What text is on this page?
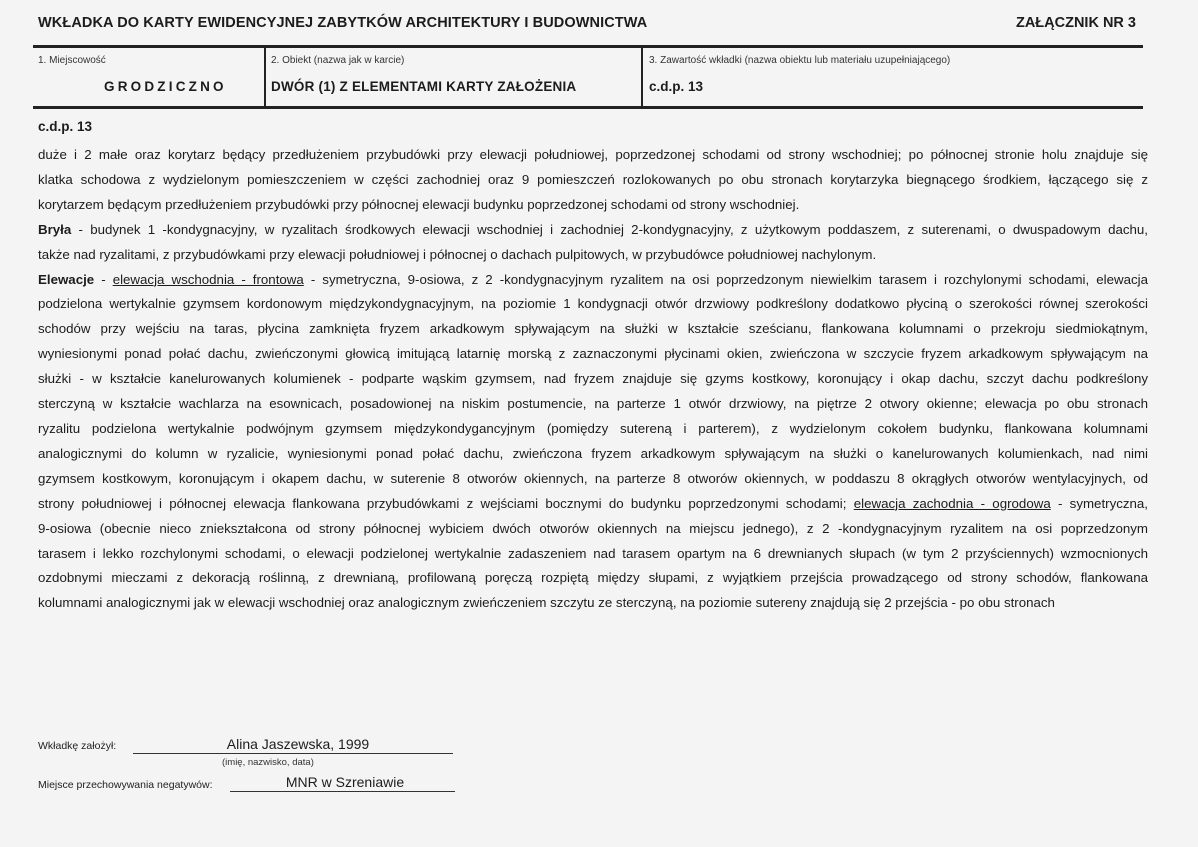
WKŁADKA DO KARTY EWIDENCYJNEJ ZABYTKÓW ARCHITEKTURY I BUDOWNICTWA	ZAŁĄCZNIK NR 3
1. Miejscowość
GRODZICZNO
2. Obiekt (nazwa jak w karcie)
DWÓR (1) Z ELEMENTAMI KARTY ZAŁOŻENIA
3. Zawartość wkładki (nazwa obiektu lub materiału uzupełniającego)
c.d.p. 13
c.d.p. 13
duże i 2 małe oraz korytarz będący przedłużeniem przybudówki przy elewacji południowej, poprzedzonej schodami od strony wschodniej; po północnej stronie holu znajduje się
klatka schodowa z wydzielonym pomieszczeniem w części zachodniej oraz 9 pomieszczeń rozlokowanych po obu stronach korytarzyka biegnącego środkiem, łączącego się z
korytarzem będącym przedłużeniem przybudówki przy północnej elewacji budynku poprzedzonej schodami od strony wschodniej.
Bryła - budynek 1 -kondygnacyjny, w ryzalitach środkowych elewacji wschodniej i zachodniej 2-kondygnacyjny, z użytkowym poddaszem, z suterenami, o dwuspadowym dachu,
także nad ryzalitami, z przybudówkami przy elewacji południowej i północnej o dachach pulpitowych, w przybudówce południowej nachylonym.
Elewacje - elewacja wschodnia - frontowa - symetryczna, 9-osiowa, z 2 -kondygnacyjnym ryzalitem na osi poprzedzonym niewielkim tarasem i rozchylonymi schodami, elewacja
podzielona wertykalnie gzymsem kordonowym międzykondygnacyjnym, na poziomie 1 kondygnacji otwór drzwiowy podkreślony dodatkowo płyciną o szerokości równej szerokości
schodów przy wejściu na taras, płycina zamknięta fryzem arkadkowym spływającym na służki w kształcie sześcianu, flankowana kolumnami o przekroju siedmiokątnym,
wyniesionymi ponad połać dachu, zwieńczonymi głowicą imitującą latarnię morską z zaznaczonymi płycinami okien, zwieńczona w szczycie fryzem arkadkowym spływającym na
służki - w kształcie kanelurowanych kolumienek - podparte wąskim gzymsem, nad fryzem znajduje się gzyms kostkowy, koronujący i okap dachu, szczyt dachu podkreślony
sterczyną w kształcie wachlarza na esownicach, posadowionej na niskim postumencie, na parterze 1 otwór drzwiowy, na piętrze 2 otwory okienne; elewacja po obu stronach
ryzalitu podzielona wertykalnie podwójnym gzymsem międzykondygancyjnym (pomiędzy sutereną i parterem), z wydzielonym cokołem budynku, flankowana kolumnami
analogicznymi do kolumn w ryzalicie, wyniesionymi ponad połać dachu, zwieńczona fryzem arkadkowym spływającym na służki o kanelurowanych kolumienkach, nad nimi
gzymsem kostkowym, koronującym i okapem dachu, w suterenie 8 otworów okiennych, na parterze 8 otworów okiennych, w poddaszu 8 okrągłych otworów wentylacyjnych, od
strony południowej i północnej elewacja flankowana przybudówkami z wejściami bocznymi do budynku poprzedzonymi schodami; elewacja zachodnia - ogrodowa - symetryczna,
9-osiowa (obecnie nieco zniekształcona od strony północnej wybiciem dwóch otworów okiennych na miejscu jednego), z 2 -kondygnacyjnym ryzalitem na osi poprzedzonym
tarasem i lekko rozchylonymi schodami, o elewacji podzielonej wertykalnie zadaszeniem nad tarasem opartym na 6 drewnianych słupach (w tym 2 przyściennych) wzmocnionych
ozdobnymi mieczami z dekoracją roślinną, z drewnianą, profilowaną poręczą rozpiętą między słupami, z wyjątkiem przejścia prowadzącego od strony schodów, flankowana
kolumnami analogicznymi jak w elewacji wschodniej oraz analogicznym zwieńczeniem szczytu ze sterczyną, na poziomie sutereny znajdują się 2 przejścia - po obu stronach
Wkładkę założył:	Alina Jaszewska, 1999
(imię, nazwisko, data)
Miejsce przechowywania negatywów:	MNR w Szreniawie
